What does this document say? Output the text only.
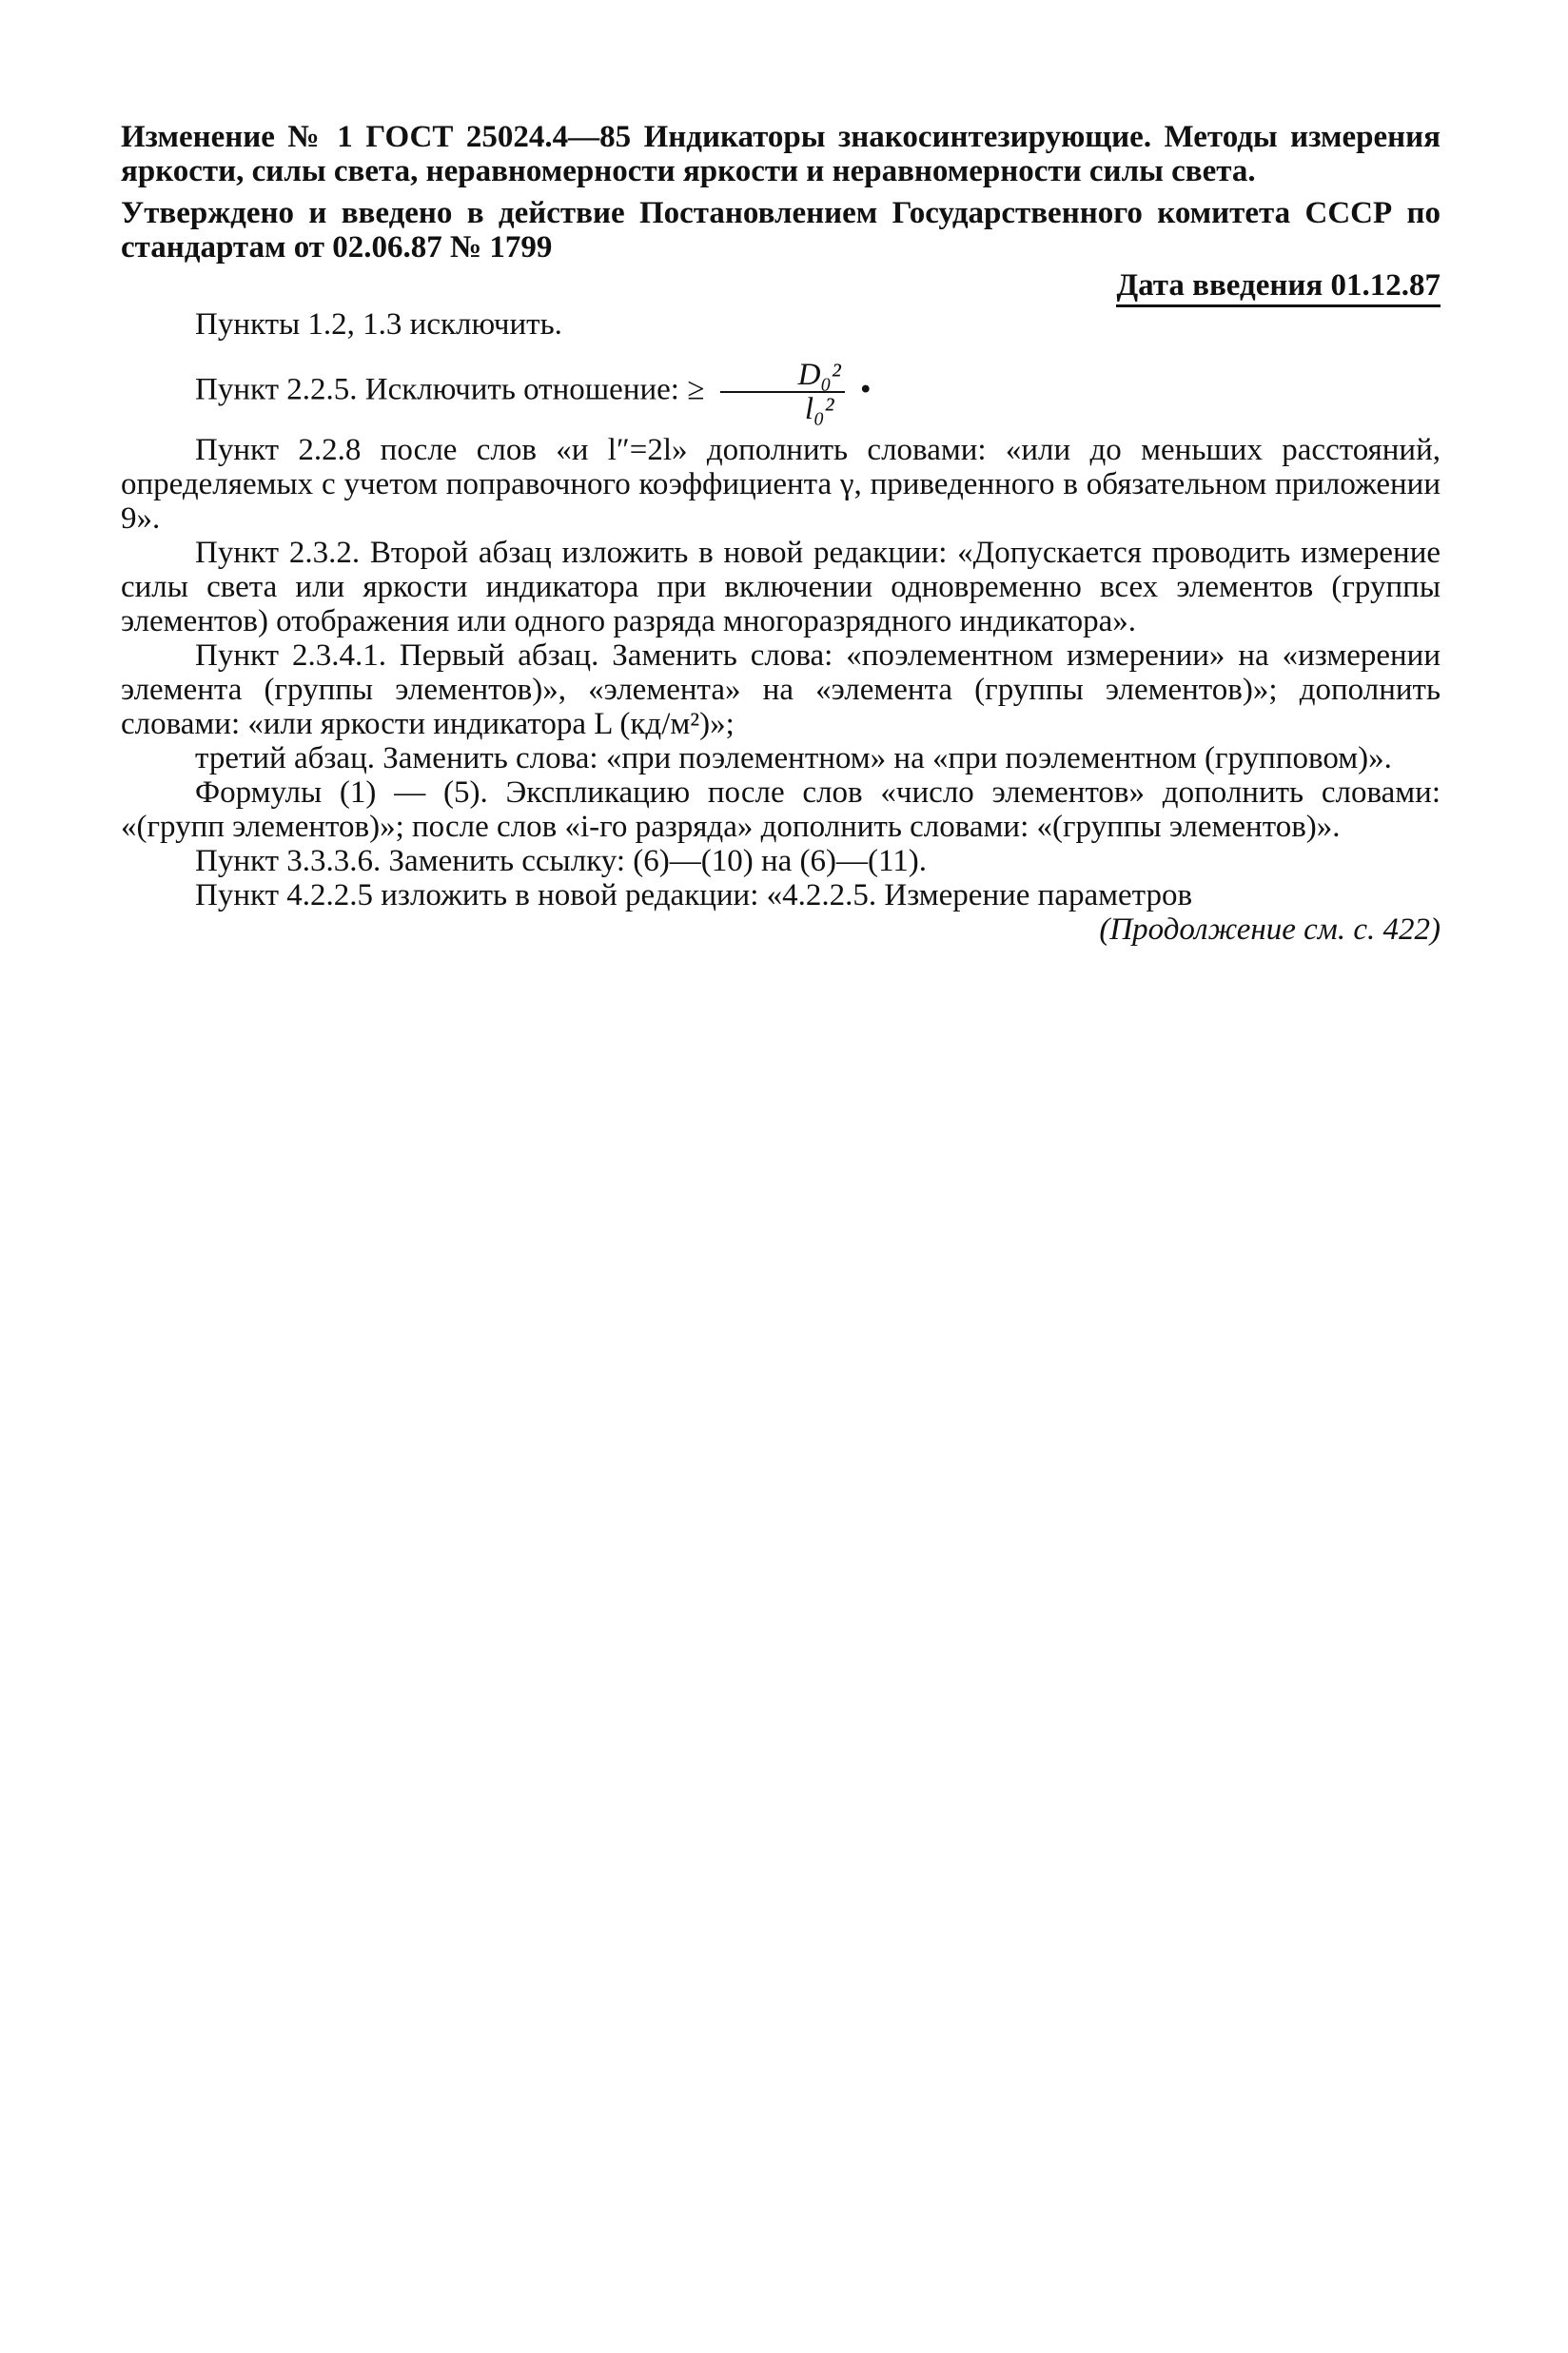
Изменение № 1 ГОСТ 25024.4—85 Индикаторы знакосинтезирующие. Методы измерения яркости, силы света, неравномерности яркости и неравномерности силы света.

Утверждено и введено в действие Постановлением Государственного комитета СССР по стандартам от 02.06.87 № 1799

Дата введения 01.12.87

Пункты 1.2, 1.3 исключить.

Пункт 2.2.5. Исключить отношение: ≥ $\frac{\text{D₀²}}{\text{l₀²}}$ •

Пункт 2.2.8 после слов «и l″=2l» дополнить словами: «или до меньших расстояний, определяемых с учетом поправочного коэффициента γ, приведенного в обязательном приложении 9».

Пункт 2.3.2. Второй абзац изложить в новой редакции: «Допускается проводить измерение силы света или яркости индикатора при включении одновременно всех элементов (группы элементов) отображения или одного разряда многоразрядного индикатора».

Пункт 2.3.4.1. Первый абзац. Заменить слова: «поэлементном измерении» на «измерении элемента (группы элементов)», «элемента» на «элемента (группы элементов)»; дополнить словами: «или яркости индикатора L (кд/м²)»;

третий абзац. Заменить слова: «при поэлементном» на «при поэлементном (групповом)».

Формулы (1) — (5). Экспликацию после слов «число элементов» дополнить словами: «(групп элементов)»; после слов «i-го разряда» дополнить словами: «(группы элементов)».

Пункт 3.3.3.6. Заменить ссылку: (6)—(10) на (6)—(11).

Пункт 4.2.2.5 изложить в новой редакции: «4.2.2.5. Измерение параметров

(Продолжение см. с. 422)
